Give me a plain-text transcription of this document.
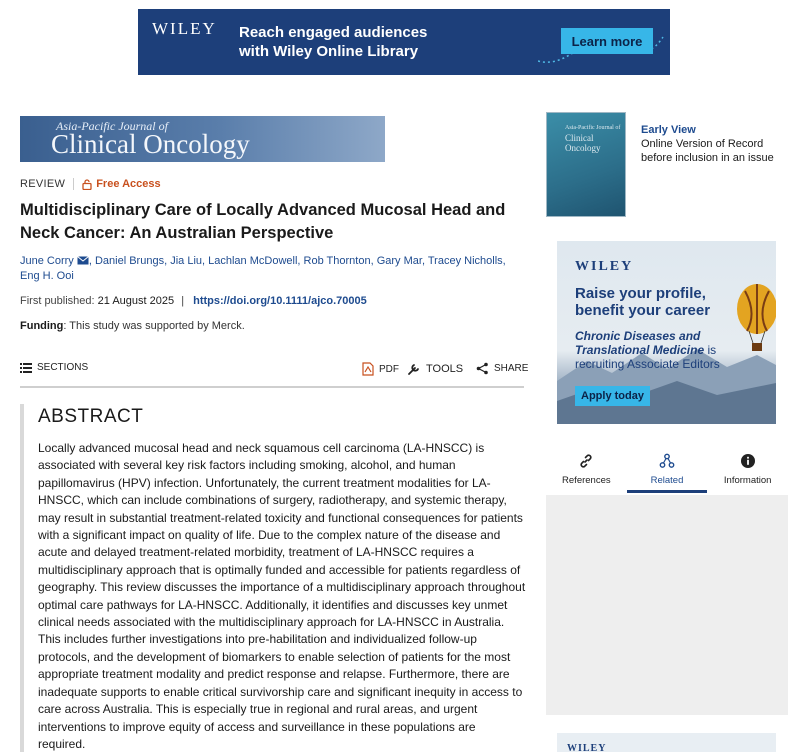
WILEY Reach engaged audiences
with Wiley Online Library
Learn more
Asia-Pacific Journal of
Clinical Oncology
REVIEW	Free Access
Multidisciplinary Care of Locally Advanced Mucosal Head and Neck Cancer: An Australian Perspective
June Corry , Daniel Brungs, Jia Liu, Lachlan McDowell, Rob Thornton, Gary Mar, Tracey Nicholls,
Eng H. Ooi
First published: 21 August 2025 | https://doi.org/10.1111/ajco.70005
Funding: This study was supported by Merck.
SECTIONS	PDF TOOLS	SHARE
ABSTRACT

Locally advanced mucosal head and neck squamous cell carcinoma (LA-HNSCC) is associated with several key risk factors including smoking, alcohol, and human papillomavirus (HPV) infection. Unfortunately, the current treatment modalities for LA-HNSCC, which can include combinations of surgery, radiotherapy, and systemic therapy, may result in substantial treatment-related toxicity and functional consequences for patients with a significant impact on quality of life. Due to the complex nature of the disease and acute and delayed treatment-related morbidity, treatment of LA-HNSCC requires a multidisciplinary approach that is optimally funded and accessible for patients regardless of geography. This review discusses the importance of a multidisciplinary approach throughout optimal care pathways for LA-HNSCC. Additionally, it identifies and discusses key unmet clinical needs associated with the multidisciplinary approach for LA-HNSCC in Australia. This includes further investigations into pre-habilitation and individualized follow-up protocols, and the development of biomarkers to enable selection of patients for the most appropriate treatment modality and predict response and relapse. Furthermore, there are inadequate supports to enable critical survivorship care and significant inequity in access to care across Australia. This is especially true in regional and rural areas, and urgent interventions to improve equity of access and surveillance in these populations are required.

Asia-Pacific Journal of
Clinical Oncology
Early View
Online Version of Record
before inclusion in an issue
WILEY
Raise your profile, benefit your career
Chronic Diseases and Translational Medicine is recruiting Associate Editors
Apply today
References	Related	Information
WILEY
